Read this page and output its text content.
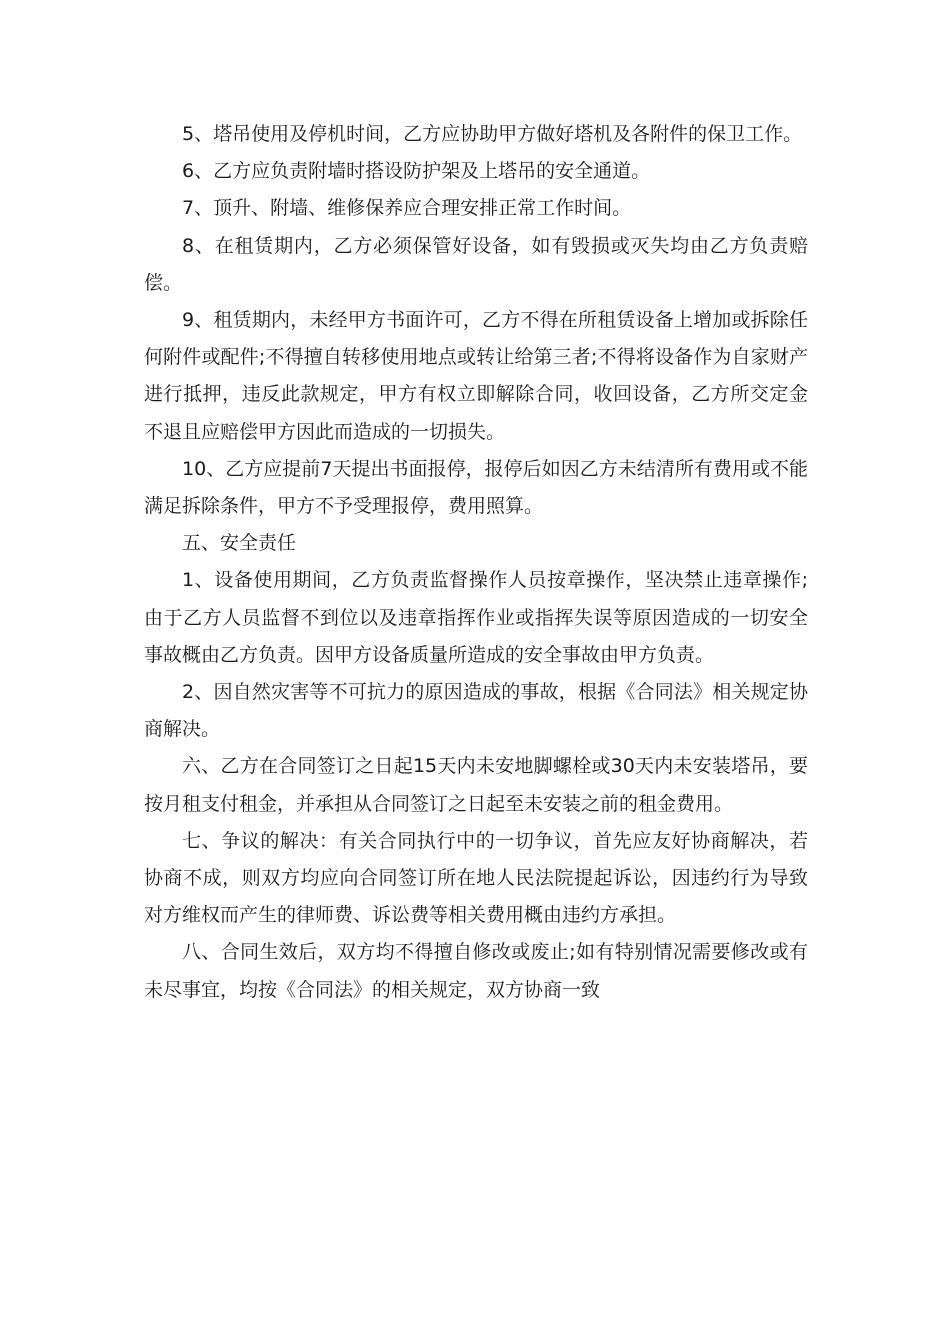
5、塔吊使用及停机时间，乙方应协助甲方做好塔机及各附件的保卫工作。

6、乙方应负责附墙时搭设防护架及上塔吊的安全通道。

7、顶升、附墙、维修保养应合理安排正常工作时间。

8、在租赁期内，乙方必须保管好设备，如有毁损或灭失均由乙方负责赔偿。

9、租赁期内，未经甲方书面许可，乙方不得在所租赁设备上增加或拆除任何附件或配件;不得擅自转移使用地点或转让给第三者;不得将设备作为自家财产进行抵押，违反此款规定，甲方有权立即解除合同，收回设备，乙方所交定金不退且应赔偿甲方因此而造成的一切损失。

10、乙方应提前7天提出书面报停，报停后如因乙方未结清所有费用或不能满足拆除条件，甲方不予受理报停，费用照算。

五、安全责任

1、设备使用期间，乙方负责监督操作人员按章操作，坚决禁止违章操作;由于乙方人员监督不到位以及违章指挥作业或指挥失误等原因造成的一切安全事故概由乙方负责。因甲方设备质量所造成的安全事故由甲方负责。

2、因自然灾害等不可抗力的原因造成的事故，根据《合同法》相关规定协商解决。

六、乙方在合同签订之日起15天内未安地脚螺栓或30天内未安装塔吊，要按月租支付租金，并承担从合同签订之日起至未安装之前的租金费用。

七、争议的解决：有关合同执行中的一切争议，首先应友好协商解决，若协商不成，则双方均应向合同签订所在地人民法院提起诉讼，因违约行为导致对方维权而产生的律师费、诉讼费等相关费用概由违约方承担。

八、合同生效后，双方均不得擅自修改或废止;如有特别情况需要修改或有未尽事宜，均按《合同法》的相关规定，双方协商一致
